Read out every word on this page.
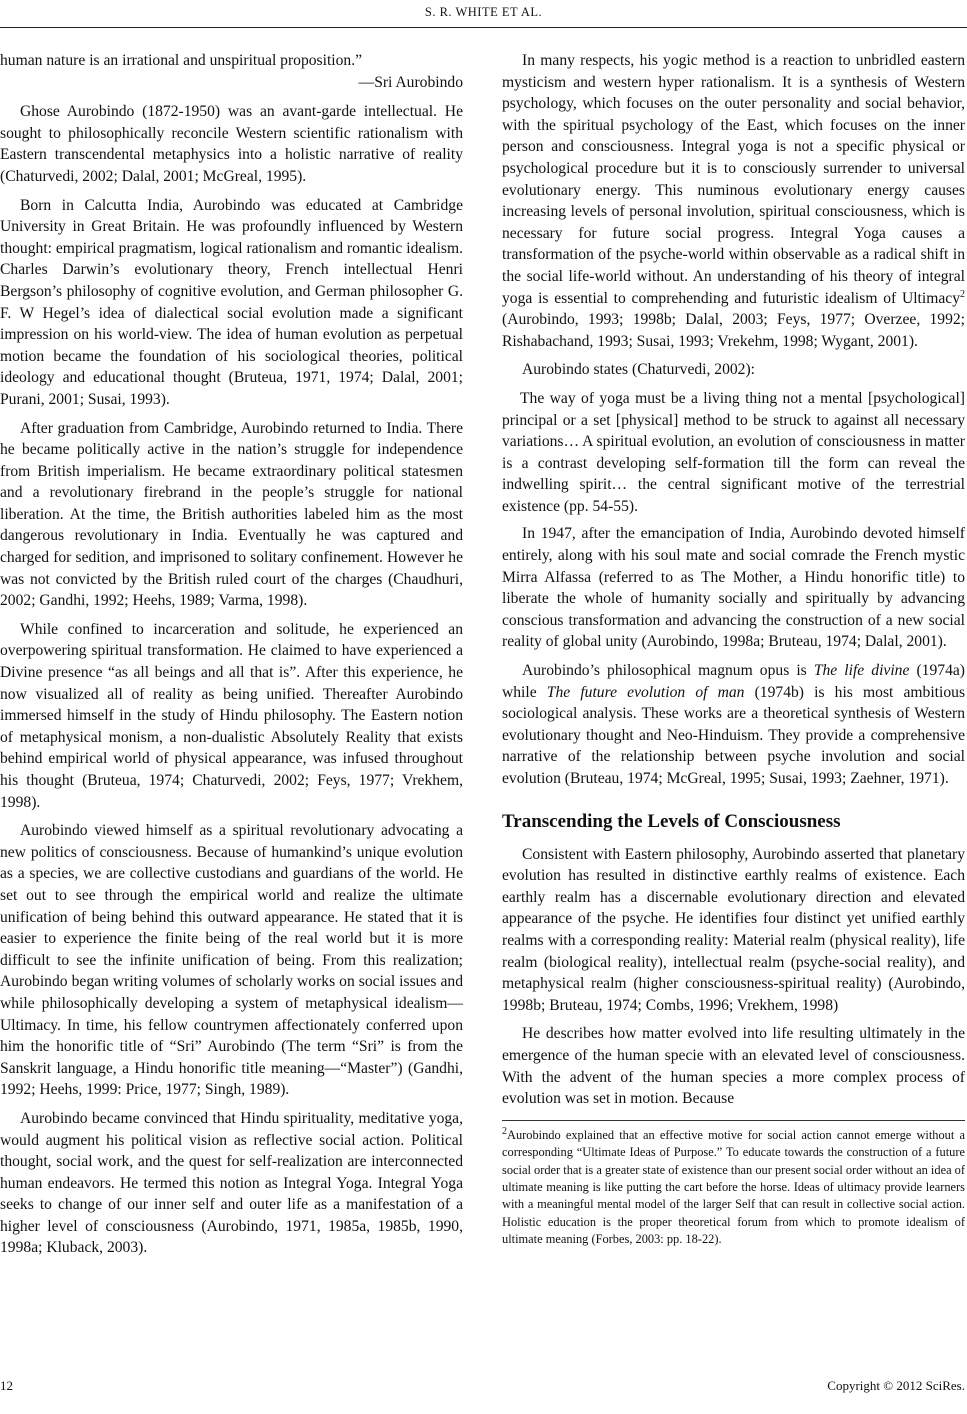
S. R. WHITE ET AL.

human nature is an irrational and unspiritual proposition.”

—Sri Aurobindo

Ghose Aurobindo (1872-1950) was an avant-garde intellectual. He sought to philosophically reconcile Western scientific rationalism with Eastern transcendental metaphysics into a holistic narrative of reality (Chaturvedi, 2002; Dalal, 2001; McGreal, 1995).

Born in Calcutta India, Aurobindo was educated at Cambridge University in Great Britain. He was profoundly influenced by Western thought: empirical pragmatism, logical rationalism and romantic idealism. Charles Darwin’s evolutionary theory, French intellectual Henri Bergson’s philosophy of cognitive evolution, and German philosopher G. F. W Hegel’s idea of dialectical social evolution made a significant impression on his world-view. The idea of human evolution as perpetual motion became the foundation of his sociological theories, political ideology and educational thought (Bruteua, 1971, 1974; Dalal, 2001; Purani, 2001; Susai, 1993).

After graduation from Cambridge, Aurobindo returned to India. There he became politically active in the nation’s struggle for independence from British imperialism. He became extraordinary political statesmen and a revolutionary firebrand in the people’s struggle for national liberation. At the time, the British authorities labeled him as the most dangerous revolutionary in India. Eventually he was captured and charged for sedition, and imprisoned to solitary confinement. However he was not convicted by the British ruled court of the charges (Chaudhuri, 2002; Gandhi, 1992; Heehs, 1989; Varma, 1998).

While confined to incarceration and solitude, he experienced an overpowering spiritual transformation. He claimed to have experienced a Divine presence “as all beings and all that is”. After this experience, he now visualized all of reality as being unified. Thereafter Aurobindo immersed himself in the study of Hindu philosophy. The Eastern notion of metaphysical monism, a non-dualistic Absolutely Reality that exists behind empirical world of physical appearance, was infused throughout his thought (Bruteua, 1974; Chaturvedi, 2002; Feys, 1977; Vrekhem, 1998).

Aurobindo viewed himself as a spiritual revolutionary advocating a new politics of consciousness. Because of humankind’s unique evolution as a species, we are collective custodians and guardians of the world. He set out to see through the empirical world and realize the ultimate unification of being behind this outward appearance. He stated that it is easier to experience the finite being of the real world but it is more difficult to see the infinite unification of being. From this realization; Aurobindo began writing volumes of scholarly works on social issues and while philosophically developing a system of metaphysical idealism—Ultimacy. In time, his fellow countrymen affectionately conferred upon him the honorific title of “Sri” Aurobindo (The term “Sri” is from the Sanskrit language, a Hindu honorific title meaning—“Master”) (Gandhi, 1992; Heehs, 1999: Price, 1977; Singh, 1989).

Aurobindo became convinced that Hindu spirituality, meditative yoga, would augment his political vision as reflective social action. Political thought, social work, and the quest for self-realization are interconnected human endeavors. He termed this notion as Integral Yoga. Integral Yoga seeks to change of our inner self and outer life as a manifestation of a higher level of consciousness (Aurobindo, 1971, 1985a, 1985b, 1990, 1998a; Kluback, 2003).

In many respects, his yogic method is a reaction to unbridled eastern mysticism and western hyper rationalism. It is a synthesis of Western psychology, which focuses on the outer personality and social behavior, with the spiritual psychology of the East, which focuses on the inner person and consciousness. Integral yoga is not a specific physical or psychological procedure but it is to consciously surrender to universal evolutionary energy. This numinous evolutionary energy causes increasing levels of personal involution, spiritual consciousness, which is necessary for future social progress. Integral Yoga causes a transformation of the psyche-world within observable as a radical shift in the social life-world without. An understanding of his theory of integral yoga is essential to comprehending and futuristic idealism of Ultimacy$^2$ (Aurobindo, 1993; 1998b; Dalal, 2003; Feys, 1977; Overzee, 1992; Rishabachand, 1993; Susai, 1993; Vrekehm, 1998; Wygant, 2001).

Aurobindo states (Chaturvedi, 2002):

The way of yoga must be a living thing not a mental [psychological] principal or a set [physical] method to be struck to against all necessary variations… A spiritual evolution, an evolution of consciousness in matter is a contrast developing self-formation till the form can reveal the indwelling spirit… the central significant motive of the terrestrial existence (pp. 54-55).

In 1947, after the emancipation of India, Aurobindo devoted himself entirely, along with his soul mate and social comrade the French mystic Mirra Alfassa (referred to as The Mother, a Hindu honorific title) to liberate the whole of humanity socially and spiritually by advancing conscious transformation and advancing the construction of a new social reality of global unity (Aurobindo, 1998a; Bruteau, 1974; Dalal, 2001).

Aurobindo’s philosophical magnum opus is The life divine (1974a) while The future evolution of man (1974b) is his most ambitious sociological analysis. These works are a theoretical synthesis of Western evolutionary thought and Neo-Hinduism. They provide a comprehensive narrative of the relationship between psyche involution and social evolution (Bruteau, 1974; McGreal, 1995; Susai, 1993; Zaehner, 1971).

Transcending the Levels of Consciousness

Consistent with Eastern philosophy, Aurobindo asserted that planetary evolution has resulted in distinctive earthly realms of existence. Each earthly realm has a discernable evolutionary direction and elevated appearance of the psyche. He identifies four distinct yet unified earthly realms with a corresponding reality: Material realm (physical reality), life realm (biological reality), intellectual realm (psyche-social reality), and metaphysical realm (higher consciousness-spiritual reality) (Aurobindo, 1998b; Bruteau, 1974; Combs, 1996; Vrekhem, 1998)

He describes how matter evolved into life resulting ultimately in the emergence of the human specie with an elevated level of consciousness. With the advent of the human species a more complex process of evolution was set in motion. Because

$^2$Aurobindo explained that an effective motive for social action cannot emerge without a corresponding “Ultimate Ideas of Purpose.” To educate towards the construction of a future social order that is a greater state of existence than our present social order without an idea of ultimate meaning is like putting the cart before the horse. Ideas of ultimacy provide learners with a meaningful mental model of the larger Self that can result in collective social action. Holistic education is the proper theoretical forum from which to promote idealism of ultimate meaning (Forbes, 2003: pp. 18-22).
12	Copyright © 2012 SciRes.
